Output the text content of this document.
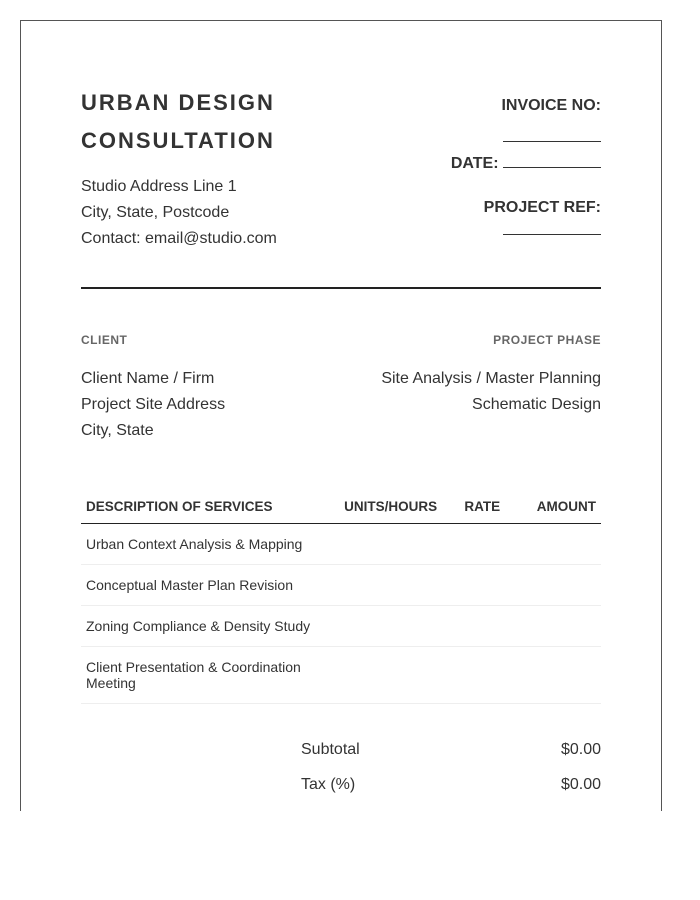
URBAN DESIGN
CONSULTATION
Studio Address Line 1
City, State, Postcode
Contact: email@studio.com
INVOICE NO:
DATE:
PROJECT REF:
CLIENT	PROJECT PHASE
Client Name / Firm
Project Site Address
City, State
Site Analysis / Master Planning
Schematic Design
DESCRIPTION OF SERVICES	UNITS/HOURS	RATE	AMOUNT
Urban Context Analysis & Mapping			
Conceptual Master Plan Revision			
Zoning Compliance & Density Study			
Client Presentation & Coordination Meeting			
Subtotal	$0.00
Tax (%)	$0.00
